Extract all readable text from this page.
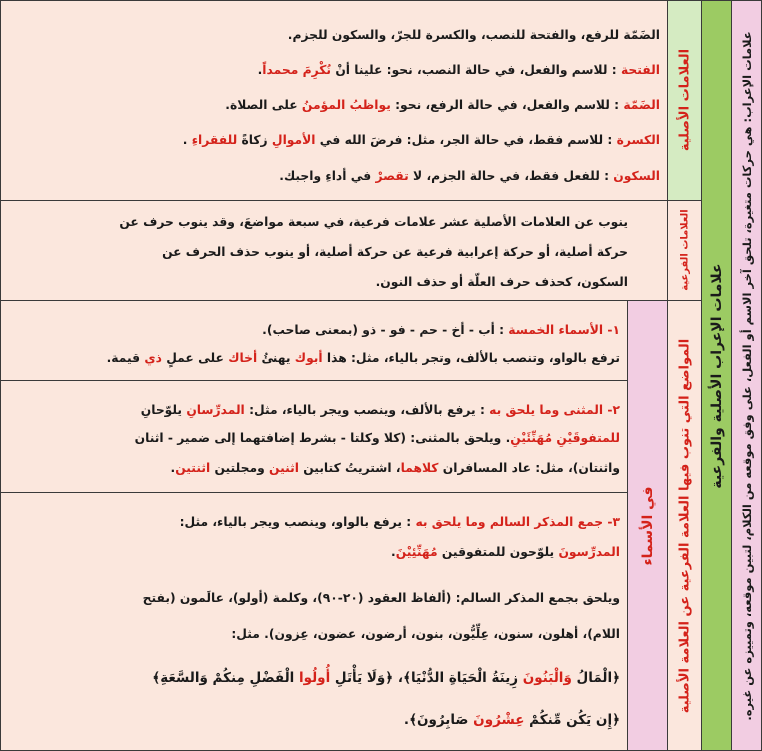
علامات الإعراب: هي حركات متغيرة، تلحق آخر الاسم أو الفعل، على وفق موقعه من الكلام، لتبين موقعه، وتمييزه عن غيره.
علامات الإعراب الأصلية والفرعية
العلامات الأصلية
العلامات الفرعية
المواضع التي تنوب فيها العلامة الفرعية عن العلامة الأصلية
في الأسماء
الضَمّة للرفع، والفتحة للنصب، والكسرة للجرّ، والسكون للجزم.
الفتحة : للاسم والفعل، في حالة النصب، نحو: علينا أنْ نُكْرِمَ محمداً.
الضَمّة : للاسم والفعل، في حالة الرفع، نحو: يواظبُ المؤمنُ على الصلاة.
الكسرة : للاسم فقط، في حالة الجر، مثل: فرضَ الله في الأموالِ زكاةً للفقراءِ .
السكون : للفعل فقط، في حالة الجزم، لا تقصرْ في أداءِ واجبك.
ينوب عن العلامات الأصلية عشر علامات فرعية، في سبعة مواضعَ، وقد ينوب حرف عن
حركة أصلية، أو حركة إعرابية فرعية عن حركة أصلية، أو ينوب حذف الحرف عن
السكون، كحذف حرف العلّة أو حذف النون.
١- الأسماء الخمسة : أب - أخ - حم - فو - ذو (بمعنى صاحب).
ترفع بالواو، وتنصب بالألف، وتجر بالياء، مثل: هذا أبوك يهنئُ أخاك على عملٍ ذي قيمة.
٢- المثنى وما يلحق به : يرفع بالألف، وينصب ويجر بالياء، مثل: المدرِّسانِ يلوّحانِ
للمتفوقَيْنِ مُهَنِّئَيْنِ. ويلحق بالمثنى: (كلا وكلتا - بشرط إضافتهما إلى ضمير - اثنان
واثنتان)، مثل: عاد المسافران كلاهما، اشتريتُ كتابين اثنين ومجلتين اثنتين.
٣- جمع المذكر السالم وما يلحق به : يرفع بالواو، وينصب ويجر بالياء، مثل:
المدرِّسونَ يلوّحون للمتفوقين مُهَنِّئِيْنَ.
ويلحق بجمع المذكر السالم: (ألفاظ العقود (٢٠-٩٠)، وكلمة (أولو)، عالَمون (بفتح
اللام)، أهلون، سنون، عِلِّيُّون، بنون، أرضون، عضون، عِزون). مثل:
﴿الْمَالُ وَالْبَنُونَ زِينَةُ الْحَيَاةِ الدُّنْيَا﴾، ﴿وَلَا يَأْتَلِ أُولُوا الْفَضْلِ مِنكُمْ وَالسَّعَةِ﴾
﴿إِن يَكُن مِّنكُمْ عِشْرُونَ صَابِرُونَ﴾.
